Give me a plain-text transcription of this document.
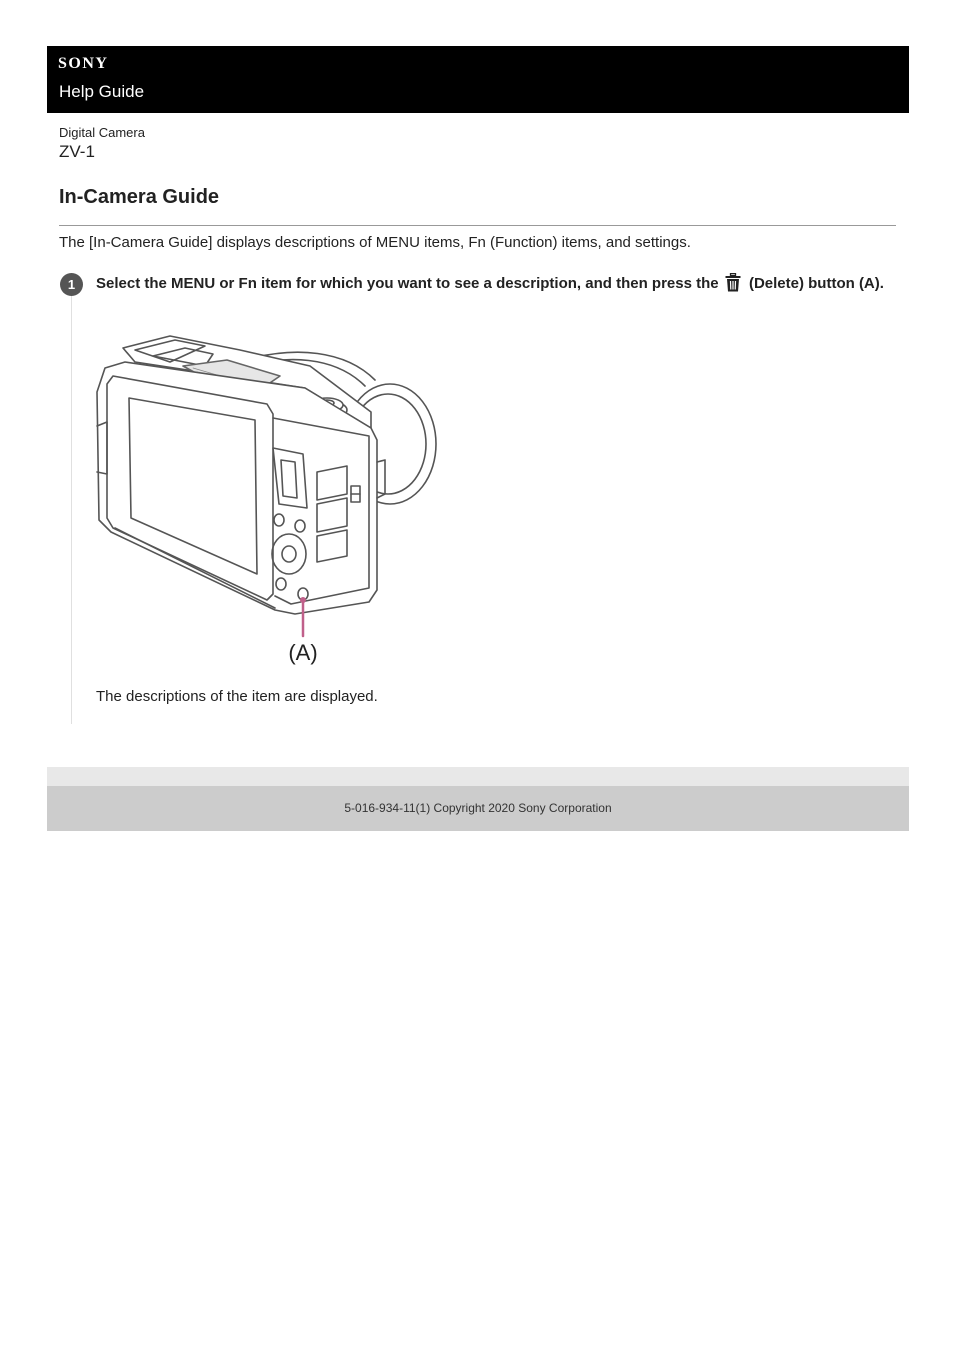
SONY
Help Guide
Digital Camera
ZV-1
In-Camera Guide
The [In-Camera Guide] displays descriptions of MENU items, Fn (Function) items, and settings.
1	Select the MENU or Fn item for which you want to see a description, and then press the (Delete) button (A).
(A)
The descriptions of the item are displayed.
5-016-934-11(1) Copyright 2020 Sony Corporation
